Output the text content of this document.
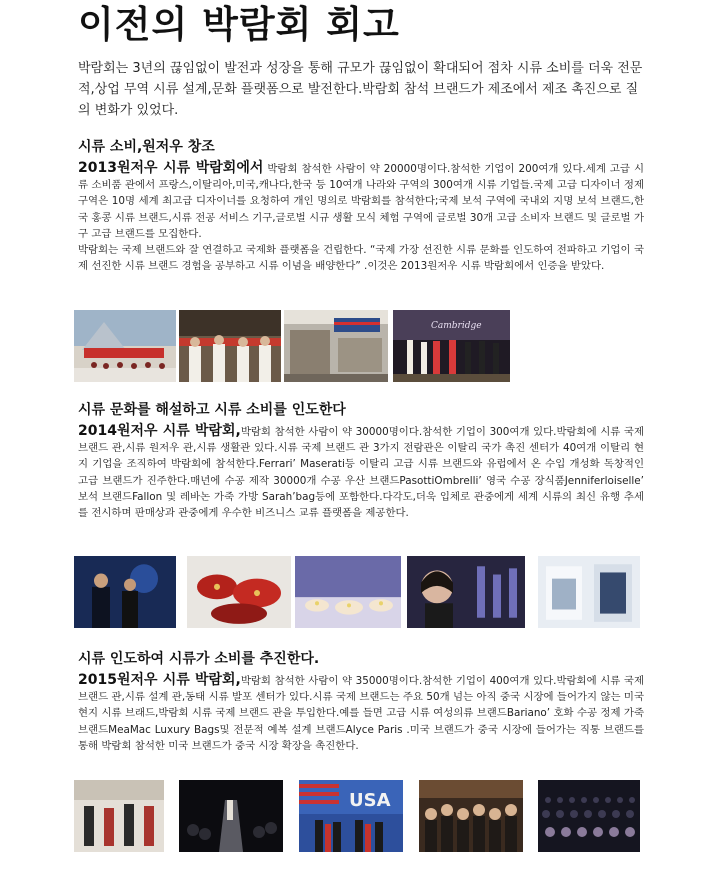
이전의 박람회 회고

박람회는 3년의 끊임없이 발전과 성장을 통해 규모가 끊임없이 확대되어 점차 시류 소비를 더욱 전문적,상업 무역 시류 설계,문화 플랫폼으로 발전한다.박람회 참석 브랜드가 제조에서 제조 촉진으로 질의 변화가 있었다.

시류 소비,원저우 창조

2013원저우 시류 박람회에서 박람회 참석한 사람이 약 20000명이다.참석한 기업이 200여개 있다.세계 고급 시류 소비품 관에서 프랑스,이탈리아,미국,캐나다,한국 등 10여개 나라와 구역의 300여개 시류 기업들.국제 고급 디자이너 정제 구역은 10명 세계 최고급 디자이너를 요청하여 개인 명의로 박람회를 참석한다;국제 보석 구역에 국내외 지명 보석 브랜드,한국 홍콩 시류 브랜드,시류 전공 서비스 기구,글로벌 시규 생활 모식 체험 구역에 글로벌 30개 고급 소비자 브랜드 및 글로벌 가구 고급 브랜드를 모집한다.

박람회는 국제 브랜드와 잘 연결하고 국제화 플랫폼을 건립한다. “국제 가장 선진한 시류 문화를 인도하여 전파하고 기업이 국제 선진한 시류 브랜드 경험을 공부하고 시류 이념을 배양한다” .이것은 2013원저우 시류 박람회에서 인증을 받았다.

Cambridge

시류 문화를 해설하고 시류 소비를 인도한다

2014원저우 시류 박람회,박람회 참석한 사람이 약 30000명이다.참석한 기업이 300여개 있다.박람회에 시류 국제 브랜드 관,시류 원저우 관,시류 생활관 있다.시류 국제 브랜드 관 3가지 전람관은 이탈리 국가 촉진 센터가 40여개 이탈리 현지 기업을 조직하여 박람회에 참석한다.Ferrari’ Maserati등 이탈리 고급 시류 브랜드와 유럽에서 온 수입 개성화 독창적인 고급 브랜드가 진주한다.매년에 수공 제작 30000개 수공 우산 브랜드PasottiOmbrelli’ 영국 수공 장식품Jenniferloiselle’ 보석 브랜드Fallon 및 레바논 가죽 가방 Sarah’bag등에 포함한다.다각도,더욱 입체로 관중에게 세계 시류의 최신 유행 추세를 전시하며 판매상과 관중에게 우수한 비즈니스 교류 플랫폼을 제공한다.

시류 인도하여 시류가 소비를 추진한다.

2015원저우 시류 박람회,박람회 참석한 사람이 약 35000명이다.참석한 기업이 400여개 있다.박람회에 시류 국제 브랜드 관,시류 설계 관,동태 시류 발포 센터가 있다.시류 국제 브랜드는 주요 50개 넘는 아직 중국 시장에 들어가지 않는 미국 현지 시류 브래드,박람회 시류 국제 브랜드 관을 투입한다.예를 들면 고급 시류 여성의류 브랜드Bariano’ 호화 수공 정제 가죽 브랜드MeaMac Luxury Bags및 전문적 예복 설계 브랜드Alyce Paris .미국 브랜드가 중국 시장에 들어가는 직통 브랜드를 통해 박람회 참석한 미국 브랜드가 중국 시장 확장을 촉진한다.

USA
